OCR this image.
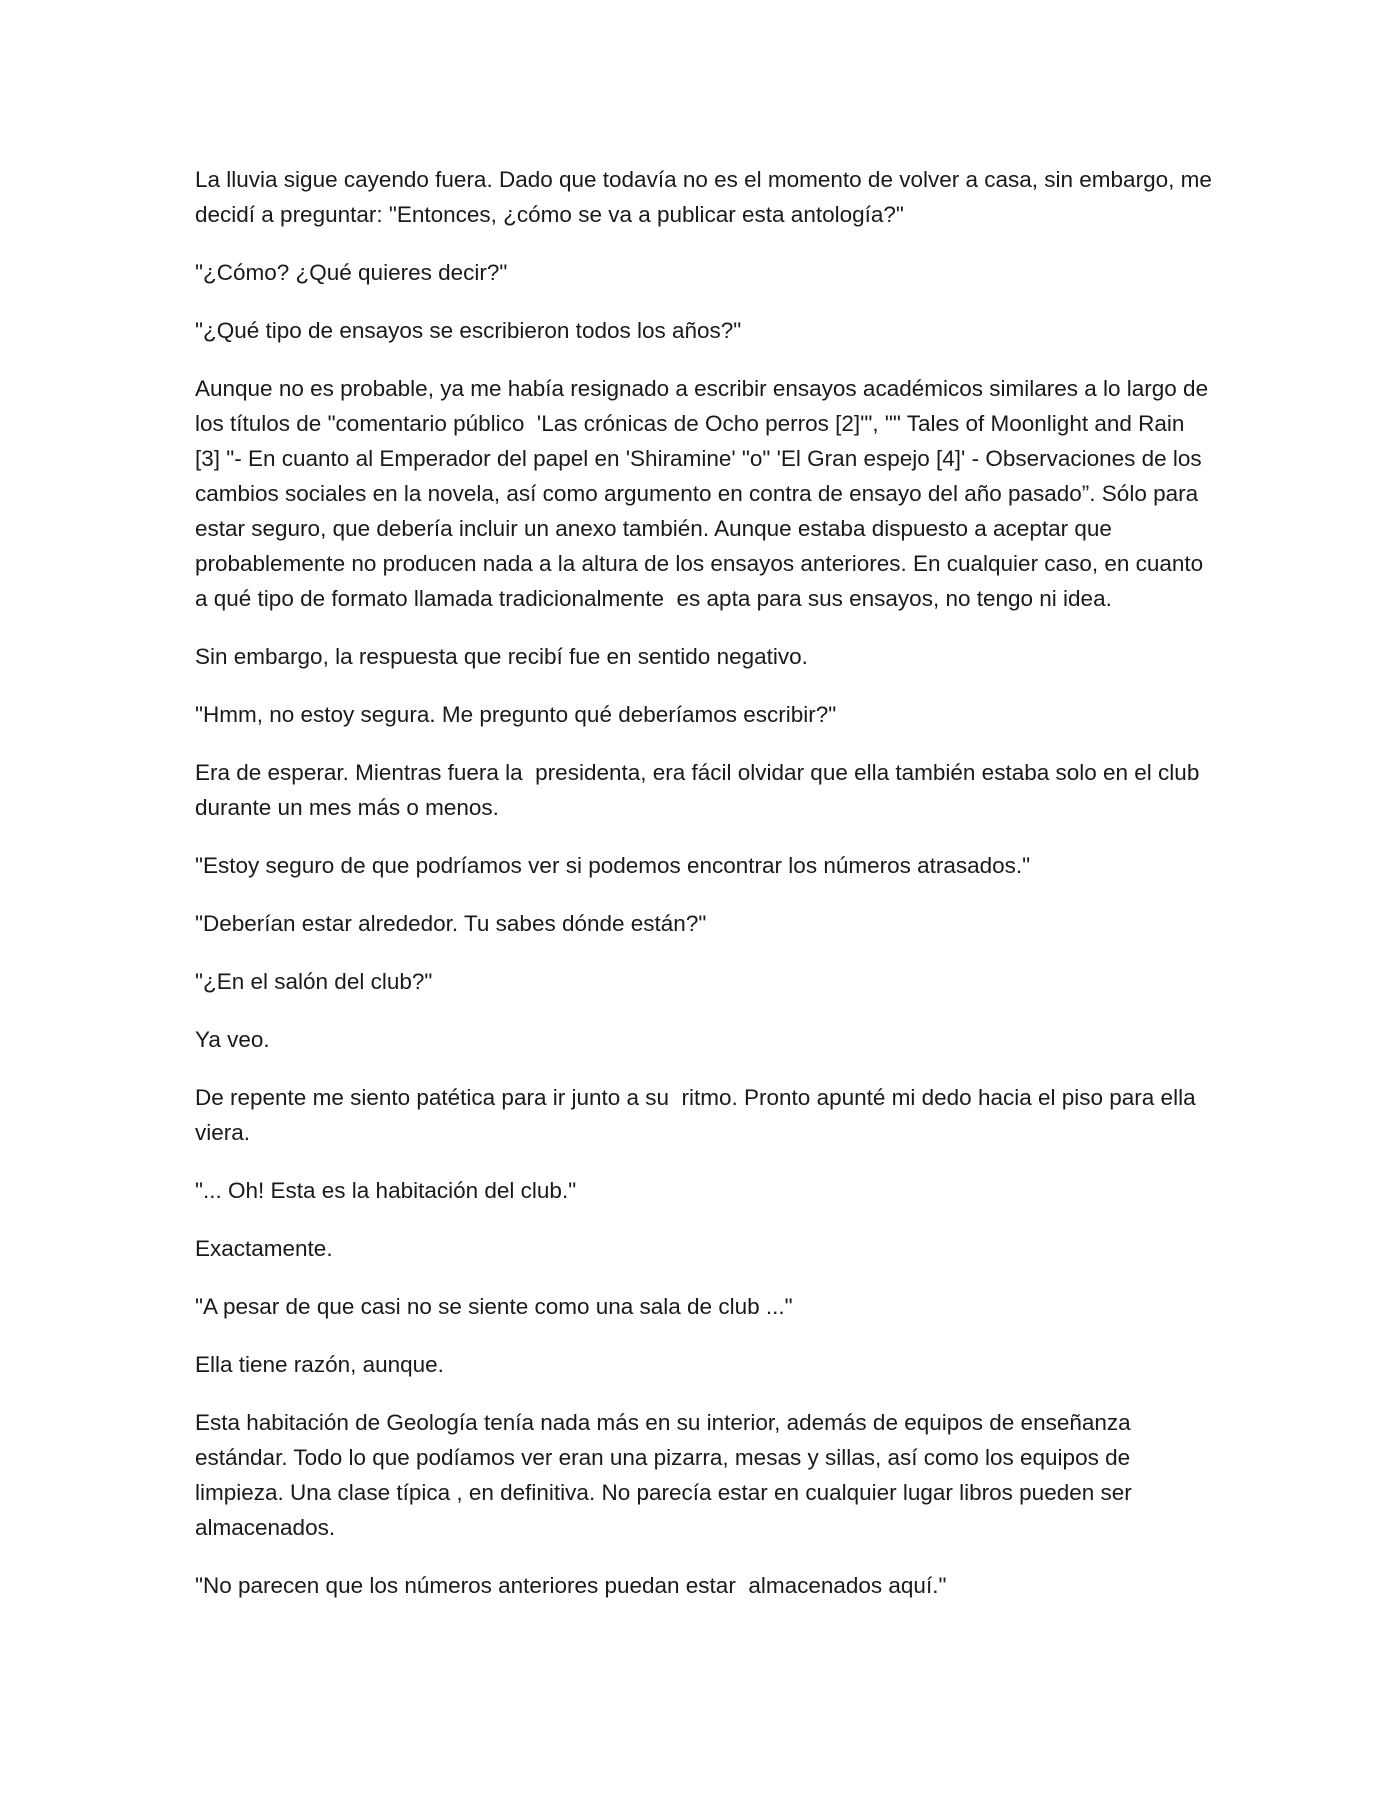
La lluvia sigue cayendo fuera. Dado que todavía no es el momento de volver a casa, sin embargo, me decidí a preguntar: "Entonces, ¿cómo se va a publicar esta antología?"

"¿Cómo? ¿Qué quieres decir?"

"¿Qué tipo de ensayos se escribieron todos los años?"

Aunque no es probable, ya me había resignado a escribir ensayos académicos similares a lo largo de los títulos de "comentario público  'Las crónicas de Ocho perros [2]'", "" Tales of Moonlight and Rain [3] "- En cuanto al Emperador del papel en 'Shiramine' "o" 'El Gran espejo [4]' - Observaciones de los cambios sociales en la novela, así como argumento en contra de ensayo del año pasado”. Sólo para estar seguro, que debería incluir un anexo también. Aunque estaba dispuesto a aceptar que probablemente no producen nada a la altura de los ensayos anteriores. En cualquier caso, en cuanto a qué tipo de formato llamada tradicionalmente  es apta para sus ensayos, no tengo ni idea.

Sin embargo, la respuesta que recibí fue en sentido negativo.

"Hmm, no estoy segura. Me pregunto qué deberíamos escribir?"

Era de esperar. Mientras fuera la  presidenta, era fácil olvidar que ella también estaba solo en el club durante un mes más o menos.

"Estoy seguro de que podríamos ver si podemos encontrar los números atrasados."

"Deberían estar alrededor. Tu sabes dónde están?"

"¿En el salón del club?"

Ya veo.

De repente me siento patética para ir junto a su  ritmo. Pronto apunté mi dedo hacia el piso para ella viera.

"... Oh! Esta es la habitación del club."

Exactamente.

"A pesar de que casi no se siente como una sala de club ..."

Ella tiene razón, aunque.

Esta habitación de Geología tenía nada más en su interior, además de equipos de enseñanza estándar. Todo lo que podíamos ver eran una pizarra, mesas y sillas, así como los equipos de limpieza. Una clase típica , en definitiva. No parecía estar en cualquier lugar libros pueden ser almacenados.

"No parecen que los números anteriores puedan estar  almacenados aquí."
